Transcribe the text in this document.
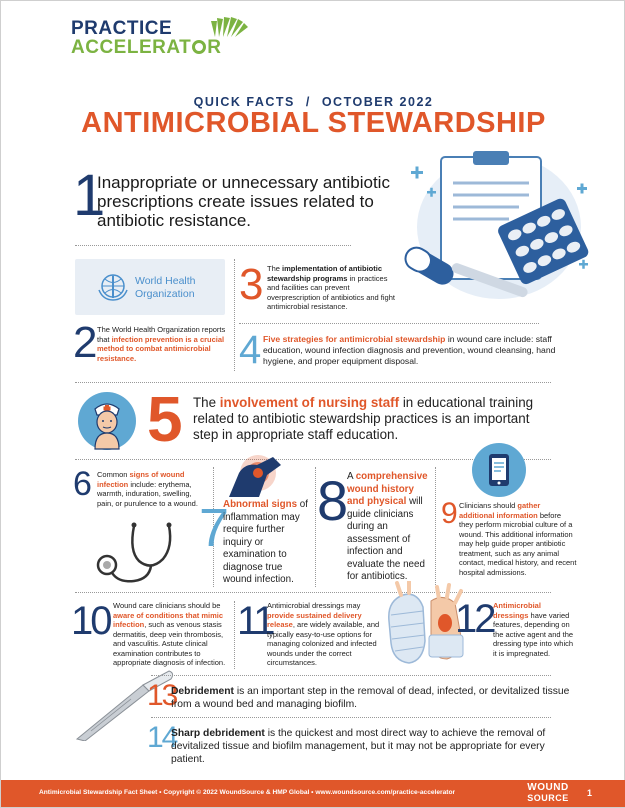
PRACTICE
ACCELERAT R
QUICK FACTS / OCTOBER 2022
ANTIMICROBIAL STEWARDSHIP
1
Inappropriate or unnecessary antibiotic prescriptions create issues related to antibiotic resistance.
World Health
Organization
2 The World Health Organization reports that infection prevention is a crucial method to combat antimicrobial resistance.
3 The implementation of antibiotic stewardship programs in practices and facilities can prevent overprescription of antibiotics and fight antimicrobial resistance.
4 Five strategies for antimicrobial stewardship in wound care include: staff education, wound infection diagnosis and prevention, wound cleansing, hand hygiene, and proper equipment disposal.
5 The involvement of nursing staff in educational training related to antibiotic stewardship practices is an important step in appropriate staff education.
6 Common signs of wound infection include: erythema, warmth, induration, swelling, pain, or purulence to a wound. 7
Abnormal signs of inflammation may require further inquiry or examination to diagnose true wound infection.
8
A comprehensive wound history and physical will guide clinicians during an assessment of infection and evaluate the need for antibiotics.
9 Clinicians should gather additional information before they perform microbial culture of a wound. This additional information may help guide proper antibiotic treatment, such as any animal contact, medical history, and recent hospital admissions.
10 Wound care clinicians should be aware of conditions that mimic infection, such as venous stasis dermatitis, deep vein thrombosis, and vasculitis. Astute clinical examination contributes to appropriate diagnosis of infection.
11
Antimicrobial dressings may provide sustained delivery release, are widely available, and typically easy-to-use options for managing colonized and infected wounds under the correct circumstances.
12 Antimicrobial dressings have varied features, depending on the active agent and the dressing type into which it is impregnated.
13
Debridement is an important step in the removal of dead, infected, or devitalized tissue from a wound bed and managing biofilm.
14
Sharp debridement is the quickest and most direct way to achieve the removal of devitalized tissue and biofilm management, but it may not be appropriate for every patient.
Antimicrobial Stewardship Fact Sheet • Copyright © 2022 WoundSource & HMP Global • www.woundsource.com/practice-accelerator	WOUND
SOURCE	1
